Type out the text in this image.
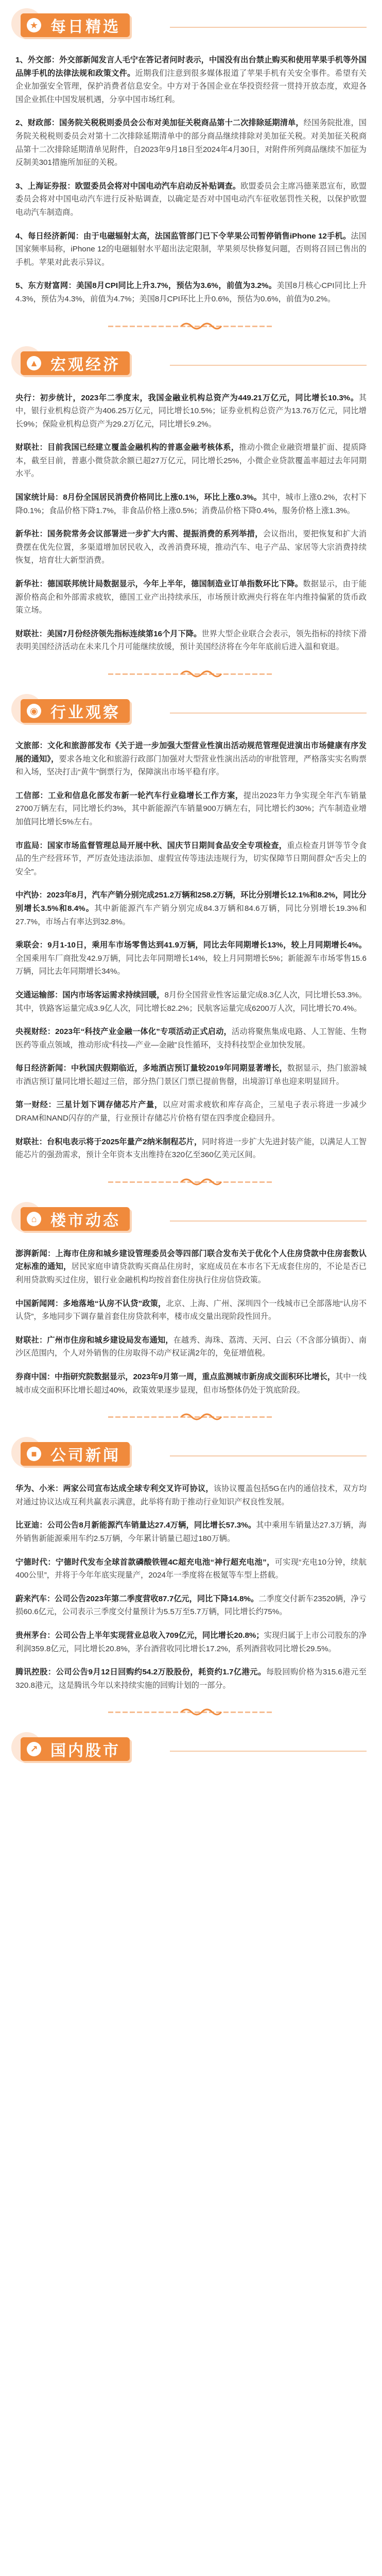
★ 每日精选

1、外交部：外交部新闻发言人毛宁在答记者问时表示，中国没有出台禁止购买和使用苹果手机等外国品牌手机的法律法规和政策文件。近期我们注意到很多媒体报道了苹果手机有关安全事件。希望有关企业加强安全管理，保护消费者信息安全。中方对于各国企业在华投资经营一贯持开放态度，欢迎各国企业抓住中国发展机遇，分享中国市场红利。

2、财政部：国务院关税税则委员会公布对美加征关税商品第十二次排除延期清单，经国务院批准，国务院关税税则委员会对第十二次排除延期清单中的部分商品继续排除对美加征关税。对美加征关税商品第十二次排除延期清单见附件，自2023年9月18日至2024年4月30日，对附件所列商品继续不加征为反制美301措施所加征的关税。

3、上海证券报：欧盟委员会将对中国电动汽车启动反补贴调查。欧盟委员会主席冯德莱恩宣布，欧盟委员会将对中国电动汽车进行反补贴调查，以确定是否对中国电动汽车征收惩罚性关税，以保护欧盟电动汽车制造商。

4、每日经济新闻：由于电磁辐射太高，法国监管部门已下令苹果公司暂停销售iPhone 12手机。法国国家频率局称，iPhone 12的电磁辐射水平超出法定限制，苹果须尽快修复问题，否则将召回已售出的手机。苹果对此表示异议。

5、东方财富网：美国8月CPI同比上升3.7%，预估为3.6%，前值为3.2%。美国8月核心CPI同比上升4.3%，预估为4.3%，前值为4.7%；美国8月CPI环比上升0.6%，预估为0.6%，前值为0.2%。

▲ 宏观经济

央行：初步统计，2023年二季度末，我国金融业机构总资产为449.21万亿元，同比增长10.3%。其中，银行业机构总资产为406.25万亿元，同比增长10.5%；证券业机构总资产为13.76万亿元，同比增长9%；保险业机构总资产为29.2万亿元，同比增长9.2%。

财联社：目前我国已经建立覆盖金融机构的普惠金融考核体系，推动小微企业融资增量扩面、提质降本，截至目前，普惠小微贷款余额已超27万亿元，同比增长25%，小微企业贷款覆盖率超过去年同期水平。

国家统计局：8月份全国居民消费价格同比上涨0.1%，环比上涨0.3%。其中，城市上涨0.2%，农村下降0.1%；食品价格下降1.7%，非食品价格上涨0.5%；消费品价格下降0.4%，服务价格上涨1.3%。

新华社：国务院常务会议部署进一步扩大内需、提振消费的系列举措，会议指出，要把恢复和扩大消费摆在优先位置，多渠道增加居民收入，改善消费环境，推动汽车、电子产品、家居等大宗消费持续恢复，培育壮大新型消费。

新华社：德国联邦统计局数据显示，今年上半年，德国制造业订单指数环比下降。数据显示，由于能源价格高企和外部需求疲软，德国工业产出持续承压，市场预计欧洲央行将在年内维持偏紧的货币政策立场。

财联社：美国7月份经济领先指标连续第16个月下降。世界大型企业联合会表示，领先指标的持续下滑表明美国经济活动在未来几个月可能继续放缓，预计美国经济将在今年年底前后进入温和衰退。

◉ 行业观察

文旅部：文化和旅游部发布《关于进一步加强大型营业性演出活动规范管理促进演出市场健康有序发展的通知》，要求各地文化和旅游行政部门加强对大型营业性演出活动的审批管理，严格落实实名购票和入场，坚决打击“黄牛”倒票行为，保障演出市场平稳有序。

工信部：工业和信息化部发布新一轮汽车行业稳增长工作方案，提出2023年力争实现全年汽车销量2700万辆左右，同比增长约3%，其中新能源汽车销量900万辆左右，同比增长约30%；汽车制造业增加值同比增长5%左右。

市监局：国家市场监督管理总局开展中秋、国庆节日期间食品安全专项检查，重点检查月饼等节令食品的生产经营环节，严厉查处违法添加、虚假宣传等违法违规行为，切实保障节日期间群众“舌尖上的安全”。

中汽协：2023年8月，汽车产销分别完成251.2万辆和258.2万辆，环比分别增长12.1%和8.2%，同比分别增长3.5%和8.4%。其中新能源汽车产销分别完成84.3万辆和84.6万辆，同比分别增长19.3%和27.7%，市场占有率达到32.8%。

乘联会：9月1-10日，乘用车市场零售达到41.9万辆，同比去年同期增长13%，较上月同期增长4%。全国乘用车厂商批发42.9万辆，同比去年同期增长14%，较上月同期增长5%；新能源车市场零售15.6万辆，同比去年同期增长34%。

交通运输部：国内市场客运需求持续回暖，8月份全国营业性客运量完成8.3亿人次，同比增长53.3%。其中，铁路客运量完成3.9亿人次，同比增长82.2%；民航客运量完成6200万人次，同比增长70.4%。

央视财经：2023年“科技产业金融一体化”专项活动正式启动，活动将聚焦集成电路、人工智能、生物医药等重点领域，推动形成“科技—产业—金融”良性循环，支持科技型企业加快发展。

每日经济新闻：中秋国庆假期临近，多地酒店预订量较2019年同期显著增长，数据显示，热门旅游城市酒店预订量同比增长超过三倍，部分热门景区门票已提前售罄，出境游订单也迎来明显回升。

第一财经：三星计划下调存储芯片产量，以应对需求疲软和库存高企，三星电子表示将进一步减少DRAM和NAND闪存的产量，行业预计存储芯片价格有望在四季度企稳回升。

财联社：台积电表示将于2025年量产2纳米制程芯片，同时将进一步扩大先进封装产能，以满足人工智能芯片的强劲需求，预计全年资本支出维持在320亿至360亿美元区间。

⌂ 楼市动态

澎湃新闻：上海市住房和城乡建设管理委员会等四部门联合发布关于优化个人住房贷款中住房套数认定标准的通知，居民家庭申请贷款购买商品住房时，家庭成员在本市名下无成套住房的，不论是否已利用贷款购买过住房，银行业金融机构均按首套住房执行住房信贷政策。

中国新闻网：多地落地“认房不认贷”政策，北京、上海、广州、深圳四个一线城市已全部落地“认房不认贷”，多地同步下调存量首套住房贷款利率，楼市成交量出现阶段性回升。

财联社：广州市住房和城乡建设局发布通知，在越秀、海珠、荔湾、天河、白云（不含部分镇街）、南沙区范围内，个人对外销售的住房取得不动产权证满2年的，免征增值税。

券商中国：中指研究院数据显示，2023年9月第一周，重点监测城市新房成交面积环比增长，其中一线城市成交面积环比增长超过40%，政策效果逐步显现，但市场整体仍处于筑底阶段。

■ 公司新闻

华为、小米：两家公司宣布达成全球专利交叉许可协议，该协议覆盖包括5G在内的通信技术，双方均对通过协议达成互利共赢表示满意，此举将有助于推动行业知识产权良性发展。

比亚迪：公司公告8月新能源汽车销量达27.4万辆，同比增长57.3%。其中乘用车销量达27.3万辆，海外销售新能源乘用车约2.5万辆，今年累计销量已超过180万辆。

宁德时代：宁德时代发布全球首款磷酸铁锂4C超充电池“神行超充电池”，可实现“充电10分钟，续航400公里”，并将于今年年底实现量产，2024年一季度将在极氪等车型上搭载。

蔚来汽车：公司公告2023年第二季度营收87.7亿元，同比下降14.8%。二季度交付新车23520辆，净亏损60.6亿元，公司表示三季度交付量预计为5.5万至5.7万辆，同比增长约75%。

贵州茅台：公司公告上半年实现营业总收入709亿元，同比增长20.8%；实现归属于上市公司股东的净利润359.8亿元，同比增长20.8%，茅台酒营收同比增长17.2%，系列酒营收同比增长29.5%。

腾讯控股：公司公告9月12日回购约54.2万股股份，耗资约1.7亿港元。每股回购价格为315.6港元至320.8港元，这是腾讯今年以来持续实施的回购计划的一部分。

↗ 国内股市
